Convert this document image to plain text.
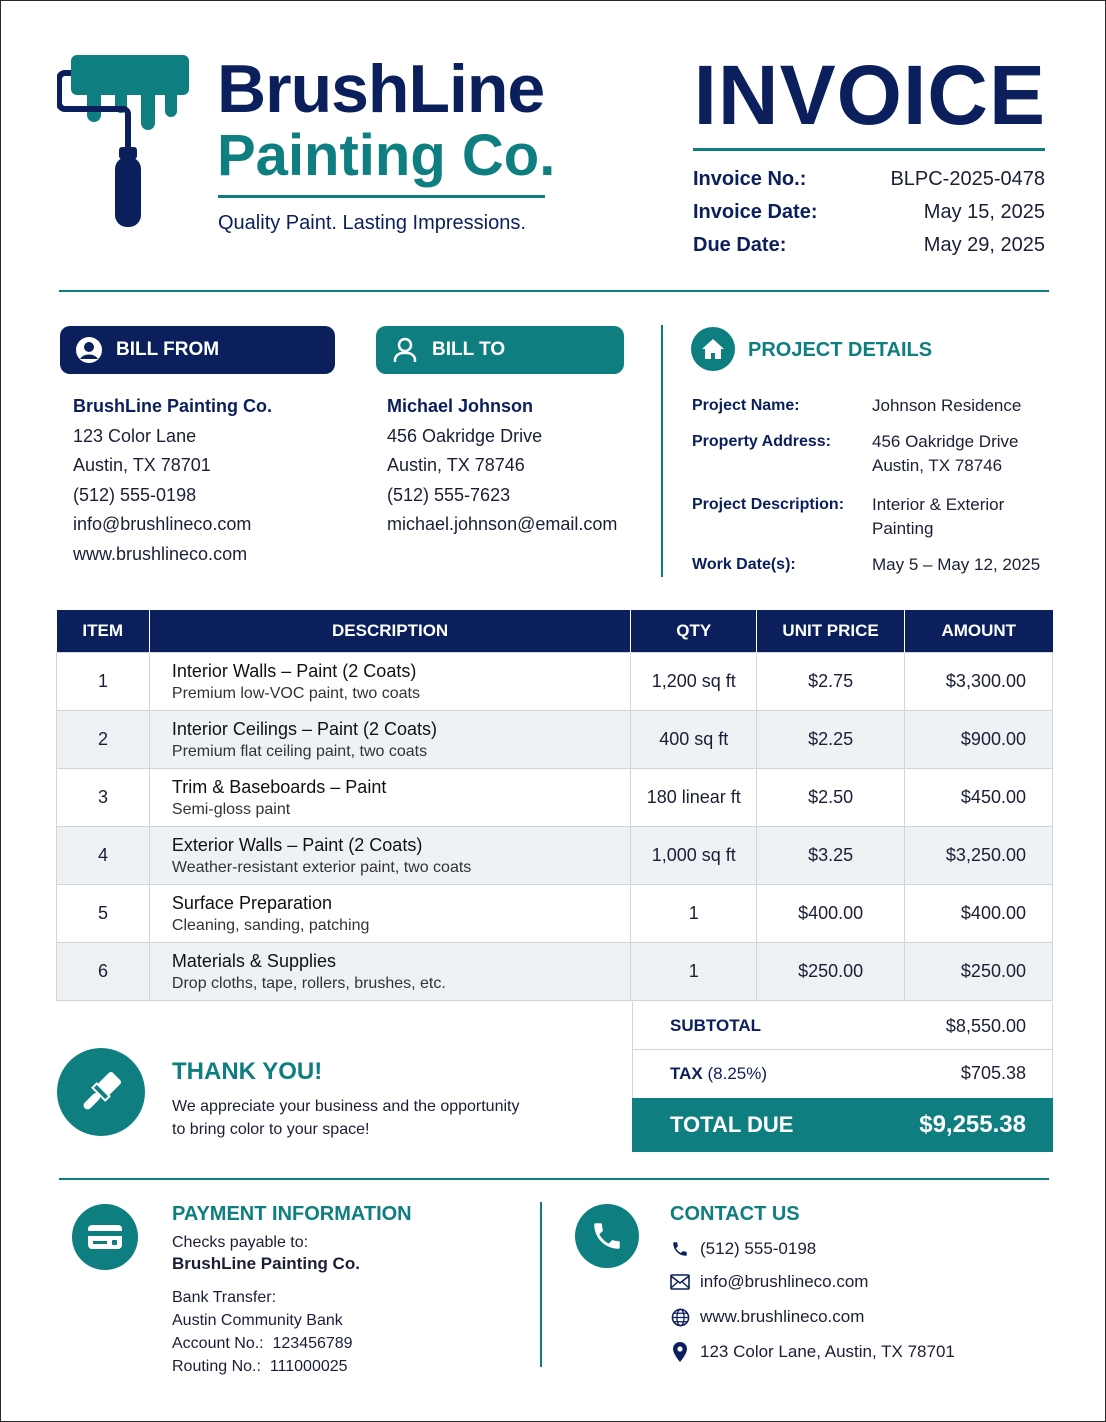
BrushLine
Painting Co.
Quality Paint. Lasting Impressions.
INVOICE
Invoice No.:	BLPC-2025-0478
Invoice Date:	May 15, 2025
Due Date:	May 29, 2025
BILL FROM
BrushLine Painting Co.
123 Color Lane
Austin, TX 78701
(512) 555-0198
info@brushlineco.com
www.brushlineco.com
BILL TO
Michael Johnson
456 Oakridge Drive
Austin, TX 78746
(512) 555-7623
michael.johnson@email.com
PROJECT DETAILS
Project Name:	Johnson Residence
Property Address: 456 Oakridge Drive
Austin, TX 78746
Project Description: Interior & Exterior
Painting
Work Date(s):	May 5 – May 12, 2025
ITEM	DESCRIPTION	QTY	UNIT PRICE	AMOUNT
1	Interior Walls – Paint (2 Coats)
Premium low-VOC paint, two coats	1,200 sq ft	$2.75	$3,300.00
2	Interior Ceilings – Paint (2 Coats)
Premium flat ceiling paint, two coats	400 sq ft	$2.25	$900.00
3	Trim & Baseboards – Paint
Semi-gloss paint	180 linear ft	$2.50	$450.00
4	Exterior Walls – Paint (2 Coats)
Weather-resistant exterior paint, two coats	1,000 sq ft	$3.25	$3,250.00
5	Surface Preparation
Cleaning, sanding, patching	1	$400.00	$400.00
6	Materials & Supplies
Drop cloths, tape, rollers, brushes, etc.	1	$250.00	$250.00
SUBTOTAL	$8,550.00
TAX (8.25%)	$705.38
TOTAL DUE	$9,255.38
THANK YOU!
We appreciate your business and the opportunity
to bring color to your space!
PAYMENT INFORMATION
Checks payable to:
BrushLine Painting Co.
Bank Transfer:
Austin Community Bank
Account No.:  123456789
Routing No.:  111000025
CONTACT US
(512) 555-0198
info@brushlineco.com
www.brushlineco.com
123 Color Lane, Austin, TX 78701
